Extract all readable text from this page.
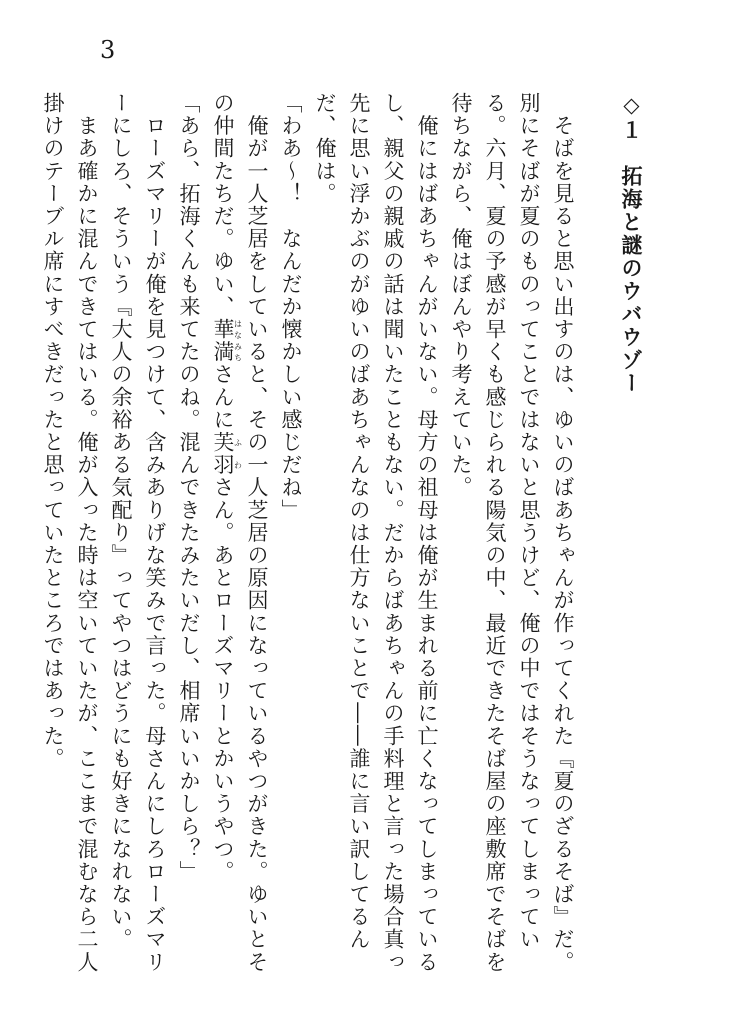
3
◇１　拓海と謎のウバウゾー
　そばを見ると思い出すのは、ゆいのばあちゃんが作ってくれた『夏のざるそば』だ。別にそばが夏のものってことではないと思うけど、俺の中ではそうなってしまっている。六月、夏の予感が早くも感じられる陽気の中、最近できたそば屋の座敷席でそばを待ちながら、俺はぼんやり考えていた。
　俺にはばあちゃんがいない。母方の祖母は俺が生まれる前に亡くなってしまっているし、親父の親戚の話は聞いたこともない。だからばあちゃんの手料理と言った場合真っ先に思い浮かぶのがゆいのばあちゃんなのは仕方ないことで――誰に言い訳してるんだ、俺は。
「わあ～！　なんだか懐かしい感じだね」
　俺が一人芝居をしていると、その一人芝居の原因になっているやつがきた。ゆいとその仲間たちだ。ゆい、華満はなみちさんに芙羽ふわさん。あとローズマリーとかいうやつ。
「あら、拓海くんも来てたのね。混んできたみたいだし、相席いいかしら？」
　ローズマリーが俺を見つけて、含みありげな笑みで言った。母さんにしろローズマリーにしろ、そういう『大人の余裕ある気配り』ってやつはどうにも好きになれない。
　まあ確かに混んできてはいる。俺が入った時は空いていたが、ここまで混むなら二人掛けのテーブル席にすべきだったと思っていたところではあった。
